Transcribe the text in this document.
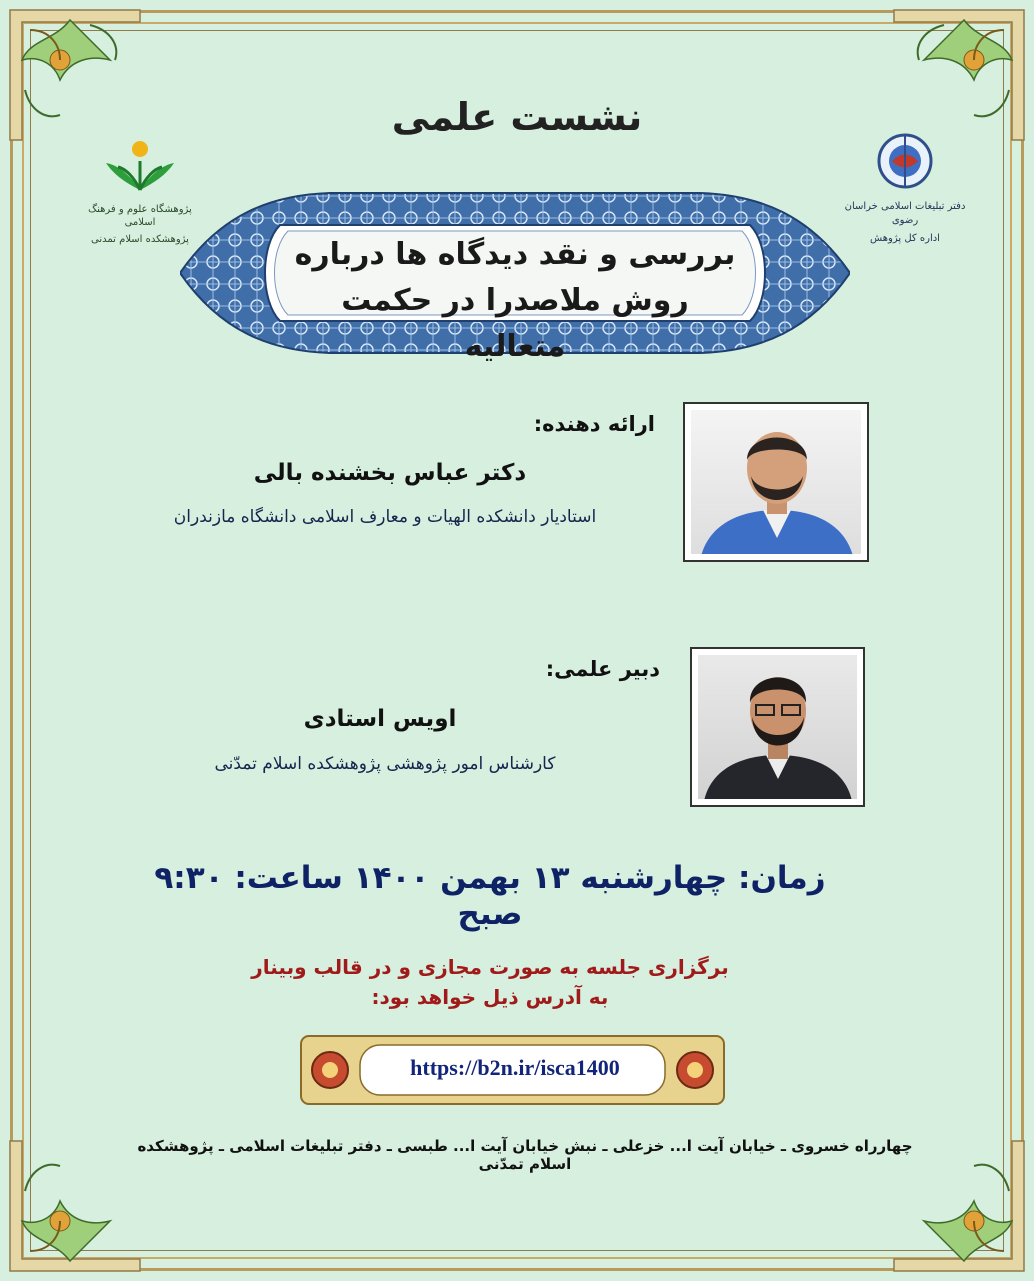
نشست علمی
پژوهشگاه علوم و فرهنگ اسلامی
پژوهشکده اسلام تمدنی
دفتر تبلیغات اسلامی خراسان رضوی
اداره کل پژوهش
بررسی و نقد دیدگاه ها درباره
روش ملاصدرا در حکمت متعالیه
ارائه دهنده:
دکتر عباس بخشنده بالی
استادیار دانشکده الهیات و معارف اسلامی دانشگاه مازندران
دبیر علمی:
اویس استادی
کارشناس امور پژوهشی پژوهشکده اسلام تمدّنی
زمان: چهارشنبه ۱۳ بهمن ۱۴۰۰ ساعت: ۹:۳۰ صبح
برگزاری جلسه به صورت مجازی و در قالب وبینار
به آدرس ذیل خواهد بود:
https://b2n.ir/isca1400
چهارراه خسروی ـ خیابان آیت ا... خزعلی ـ نبش خیابان آیت ا... طبسی ـ دفتر تبلیغات اسلامی ـ پژوهشکده اسلام تمدّنی
